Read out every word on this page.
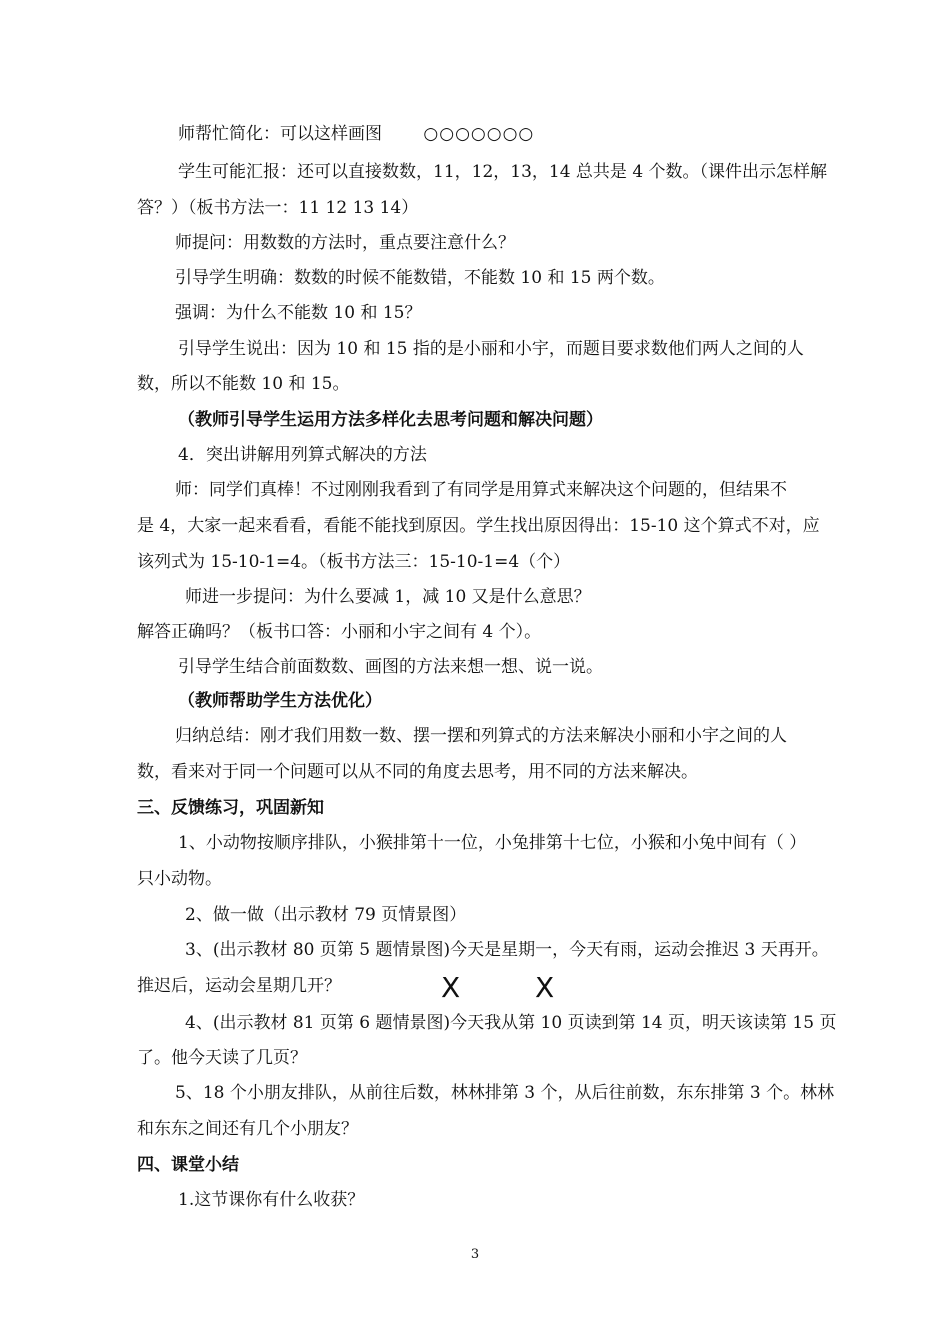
师帮忙简化：可以这样画图 ○○○○○○○
学生可能汇报：还可以直接数数，11，12，13，14 总共是 4 个数。（课件出示怎样解
答？）（板书方法一：11 12 13 14）
师提问：用数数的方法时，重点要注意什么？
引导学生明确：数数的时候不能数错，不能数 10 和 15 两个数。
强调：为什么不能数 10 和 15？
引导学生说出：因为 10 和 15 指的是小丽和小宇，而题目要求数他们两人之间的人
数，所以不能数 10 和 15。
（教师引导学生运用方法多样化去思考问题和解决问题）
4．突出讲解用列算式解决的方法
师：同学们真棒！不过刚刚我看到了有同学是用算式来解决这个问题的，但结果不
是 4，大家一起来看看，看能不能找到原因。学生找出原因得出：15-10 这个算式不对，应
该列式为 15-10-1=4。（板书方法三：15-10-1=4（个）
师进一步提问：为什么要减 1，减 10 又是什么意思？
解答正确吗？（板书口答：小丽和小宇之间有 4 个）。
引导学生结合前面数数、画图的方法来想一想、说一说。
（教师帮助学生方法优化）
归纳总结：刚才我们用数一数、摆一摆和列算式的方法来解决小丽和小宇之间的人
数，看来对于同一个问题可以从不同的角度去思考，用不同的方法来解决。
三、反馈练习，巩固新知
1、小动物按顺序排队，小猴排第十一位，小兔排第十七位，小猴和小兔中间有（ ）
只小动物。
2、做一做（出示教材 79 页情景图）
3、(出示教材 80 页第 5 题情景图)今天是星期一，今天有雨，运动会推迟 3 天再开。
推迟后，运动会星期几开？	Ⅹ	Ⅹ
4、(出示教材 81 页第 6 题情景图)今天我从第 10 页读到第 14 页，明天该读第 15 页
了。他今天读了几页？
5、18 个小朋友排队，从前往后数，林林排第 3 个，从后往前数，东东排第 3 个。林林
和东东之间还有几个小朋友？
四、课堂小结
1.这节课你有什么收获？
3
